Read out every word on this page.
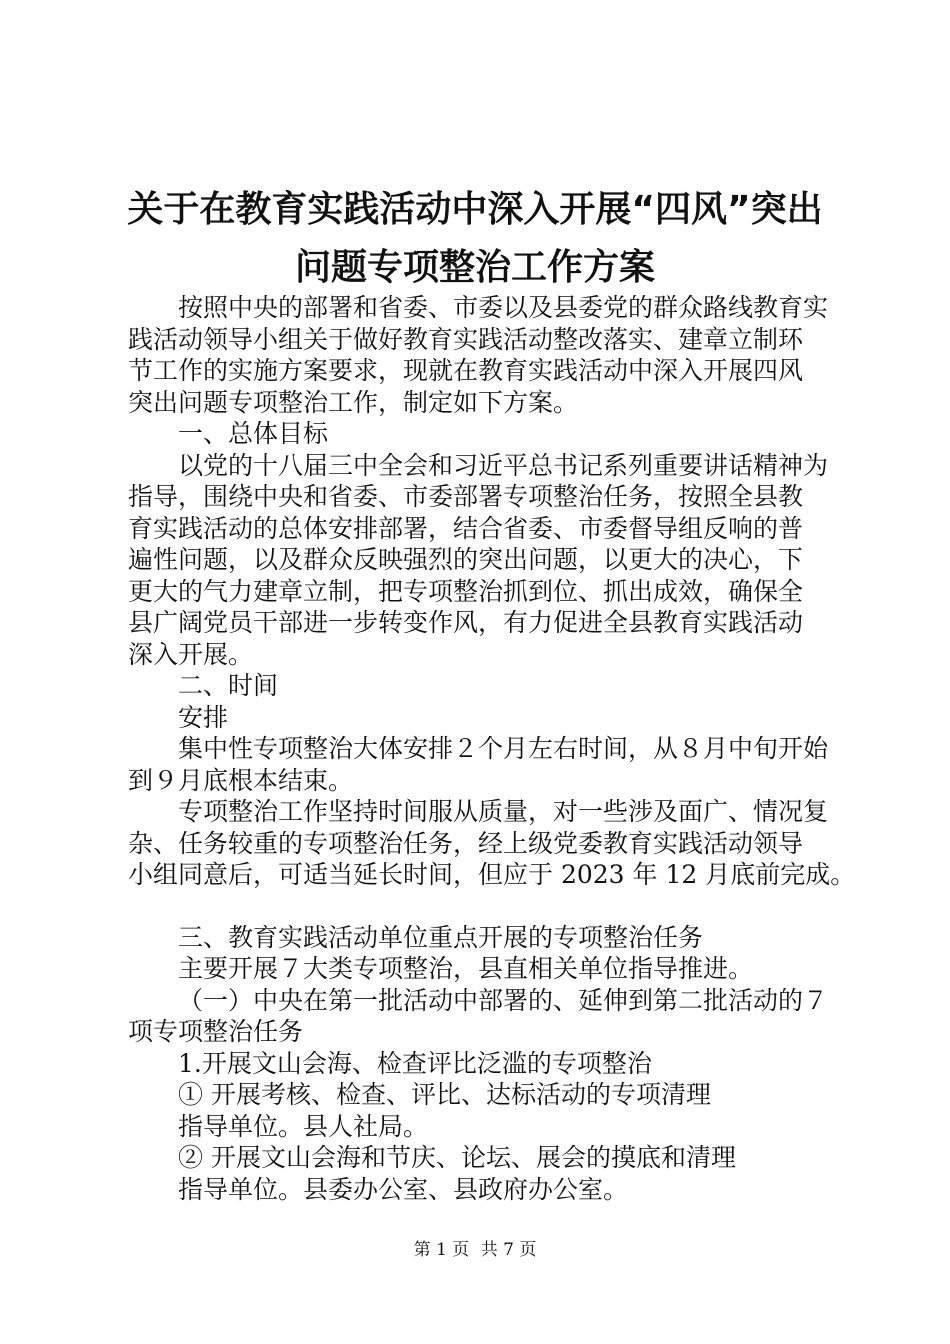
关于在教育实践活动中深入开展“四风”突出
问题专项整治工作方案
按照中央的部署和省委、市委以及县委党的群众路线教育实
践活动领导小组关于做好教育实践活动整改落实、建章立制环
节工作的实施方案要求，现就在教育实践活动中深入开展四风
突出问题专项整治工作，制定如下方案。
一、总体目标
以党的十八届三中全会和习近平总书记系列重要讲话精神为
指导，围绕中央和省委、市委部署专项整治任务，按照全县教
育实践活动的总体安排部署，结合省委、市委督导组反响的普
遍性问题，以及群众反映强烈的突出问题，以更大的决心，下
更大的气力建章立制，把专项整治抓到位、抓出成效，确保全
县广阔党员干部进一步转变作风，有力促进全县教育实践活动
深入开展。
二、时间
安排
集中性专项整治大体安排２个月左右时间，从８月中旬开始
到９月底根本结束。
专项整治工作坚持时间服从质量，对一些涉及面广、情况复
杂、任务较重的专项整治任务，经上级党委教育实践活动领导
小组同意后，可适当延长时间，但应于 2023 年 12 月底前完成。
三、教育实践活动单位重点开展的专项整治任务
主要开展７大类专项整治，县直相关单位指导推进。
（一）中央在第一批活动中部署的、延伸到第二批活动的７
项专项整治任务
1.开展文山会海、检查评比泛滥的专项整治
① 开展考核、检查、评比、达标活动的专项清理
指导单位。县人社局。
② 开展文山会海和节庆、论坛、展会的摸底和清理
指导单位。县委办公室、县政府办公室。
第 1 页 共 7 页
